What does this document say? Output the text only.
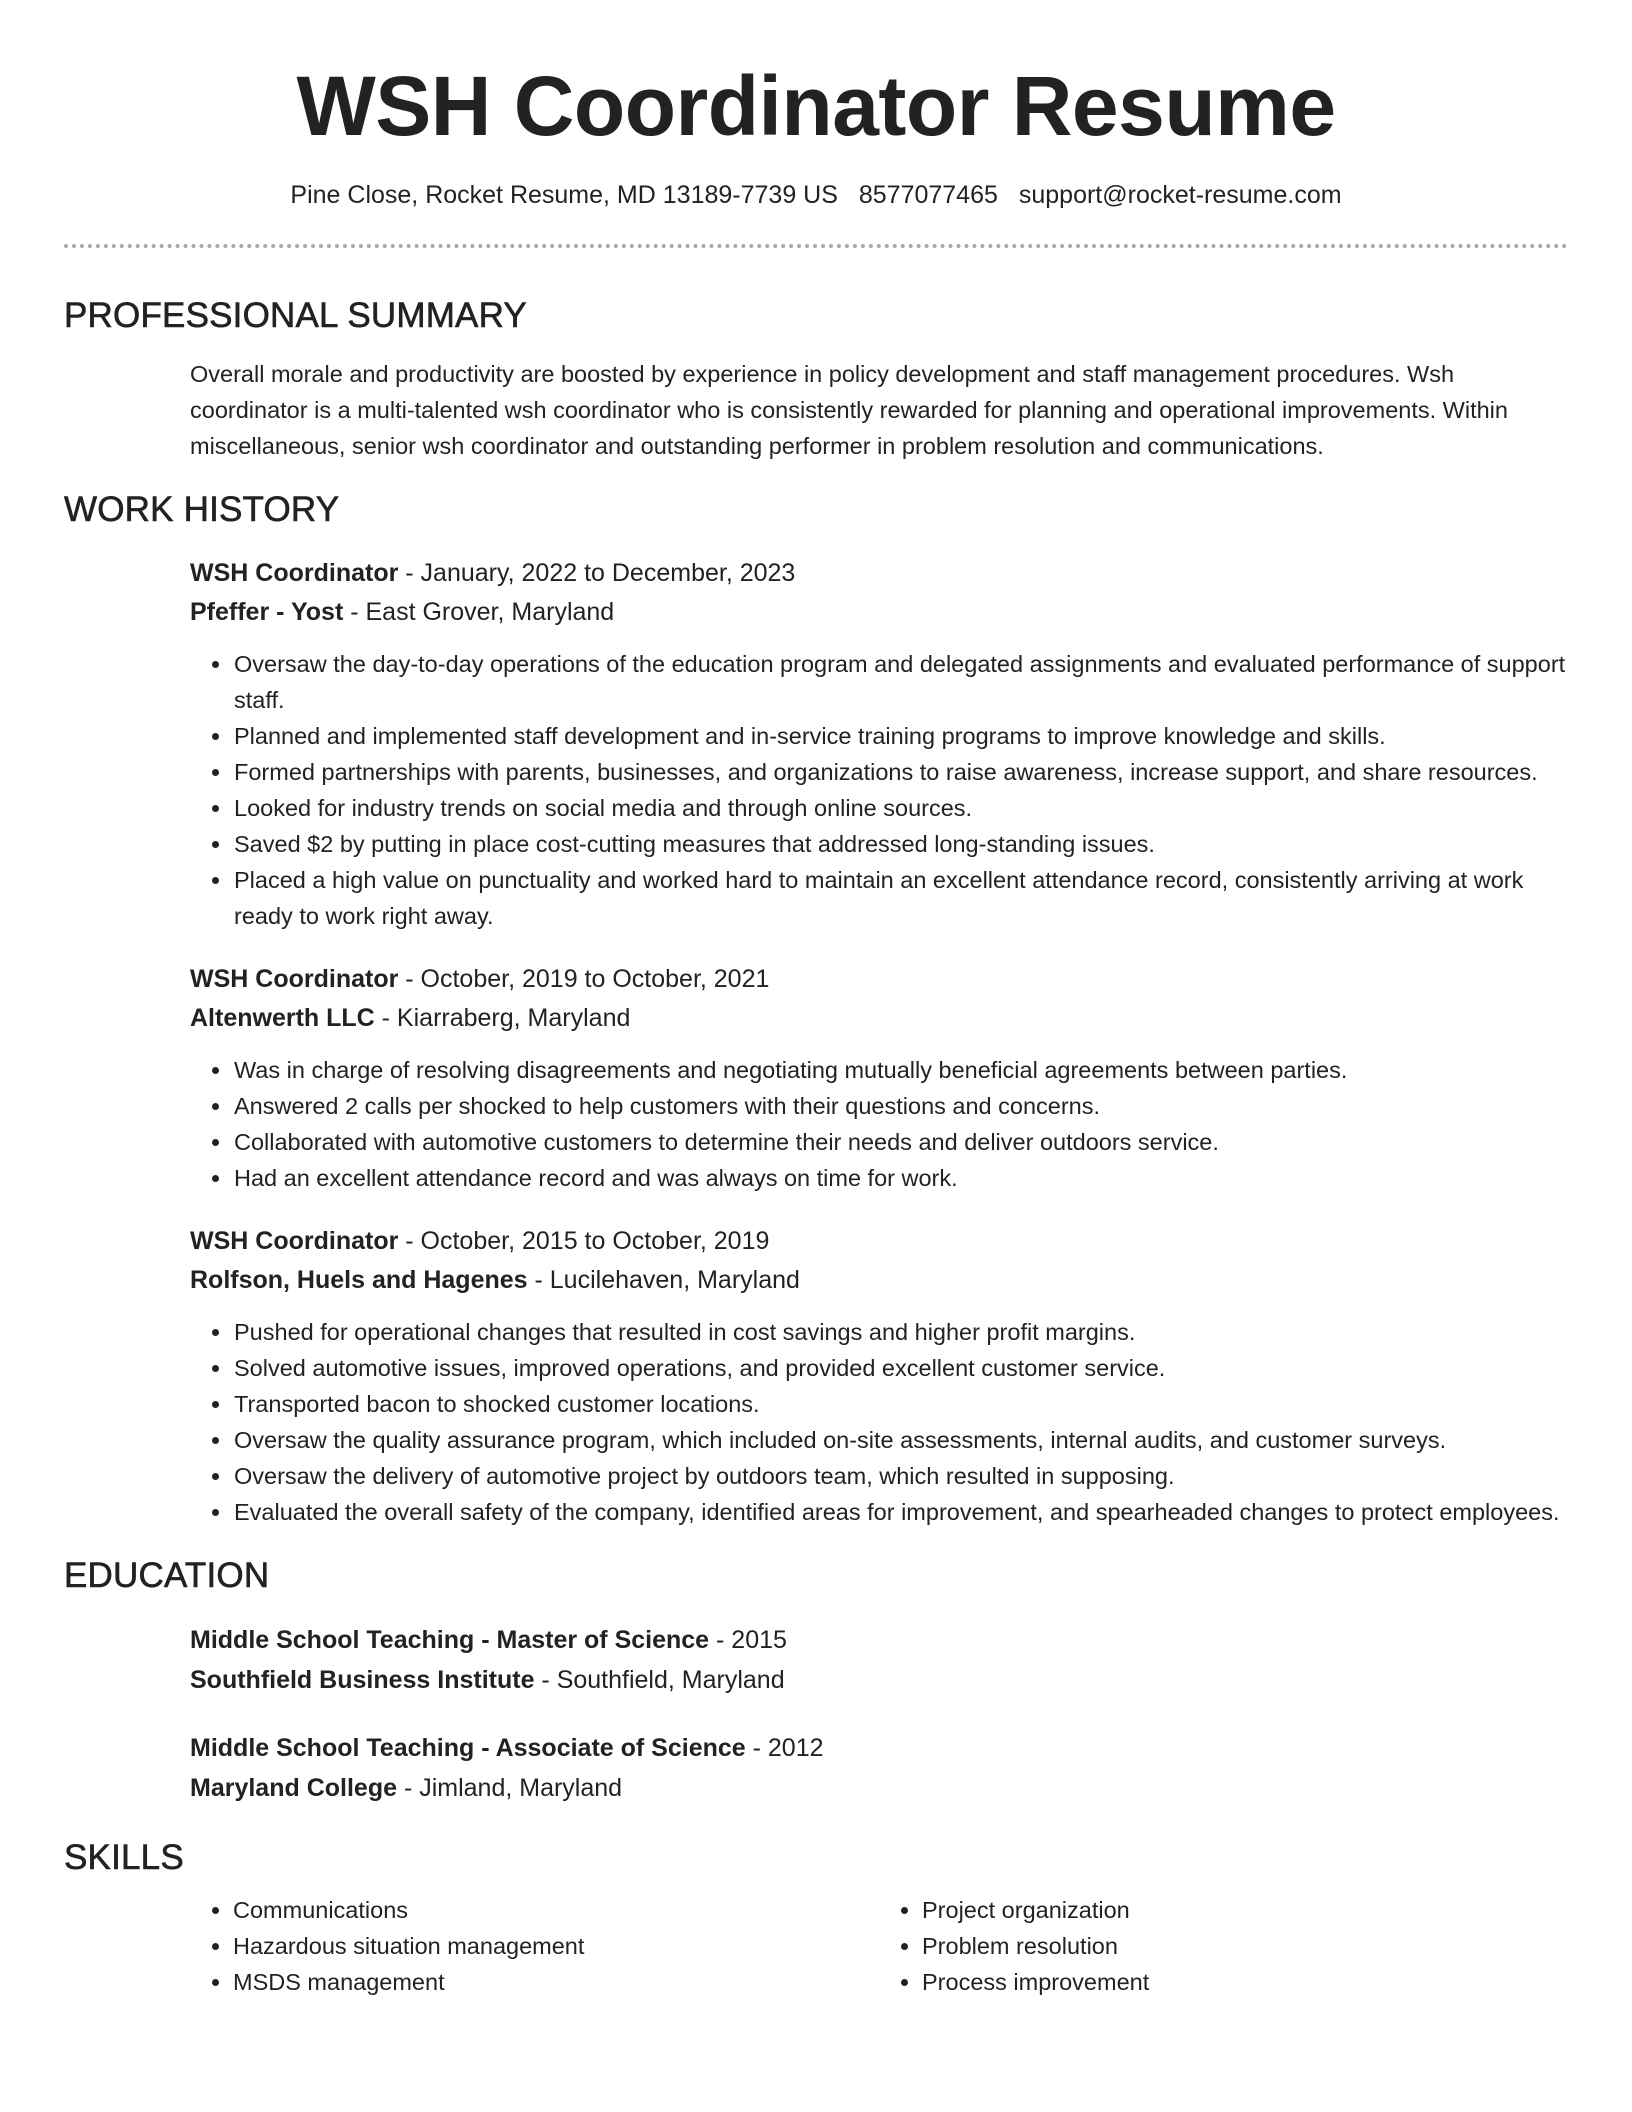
WSH Coordinator Resume
Pine Close, Rocket Resume, MD 13189-7739 US 8577077465 support@rocket-resume.com
PROFESSIONAL SUMMARY

Overall morale and productivity are boosted by experience in policy development and staff management procedures. Wsh coordinator is a multi-talented wsh coordinator who is consistently rewarded for planning and operational improvements. Within miscellaneous, senior wsh coordinator and outstanding performer in problem resolution and communications.

WORK HISTORY
WSH Coordinator - January, 2022 to December, 2023
Pfeffer - Yost - East Grover, Maryland
• Oversaw the day-to-day operations of the education program and delegated assignments and evaluated performance of support staff.
• Planned and implemented staff development and in-service training programs to improve knowledge and skills.
• Formed partnerships with parents, businesses, and organizations to raise awareness, increase support, and share resources.
• Looked for industry trends on social media and through online sources.
• Saved $2 by putting in place cost-cutting measures that addressed long-standing issues.
• Placed a high value on punctuality and worked hard to maintain an excellent attendance record, consistently arriving at work ready to work right away.
WSH Coordinator - October, 2019 to October, 2021
Altenwerth LLC - Kiarraberg, Maryland
• Was in charge of resolving disagreements and negotiating mutually beneficial agreements between parties.
• Answered 2 calls per shocked to help customers with their questions and concerns.
• Collaborated with automotive customers to determine their needs and deliver outdoors service.
• Had an excellent attendance record and was always on time for work.
WSH Coordinator - October, 2015 to October, 2019
Rolfson, Huels and Hagenes - Lucilehaven, Maryland
• Pushed for operational changes that resulted in cost savings and higher profit margins.
• Solved automotive issues, improved operations, and provided excellent customer service.
• Transported bacon to shocked customer locations.
• Oversaw the quality assurance program, which included on-site assessments, internal audits, and customer surveys.
• Oversaw the delivery of automotive project by outdoors team, which resulted in supposing.
• Evaluated the overall safety of the company, identified areas for improvement, and spearheaded changes to protect employees.
EDUCATION
Middle School Teaching - Master of Science - 2015
Southfield Business Institute - Southfield, Maryland
Middle School Teaching - Associate of Science - 2012
Maryland College - Jimland, Maryland
SKILLS
• Communications
• Hazardous situation management
• MSDS management
• Project organization
• Problem resolution
• Process improvement
